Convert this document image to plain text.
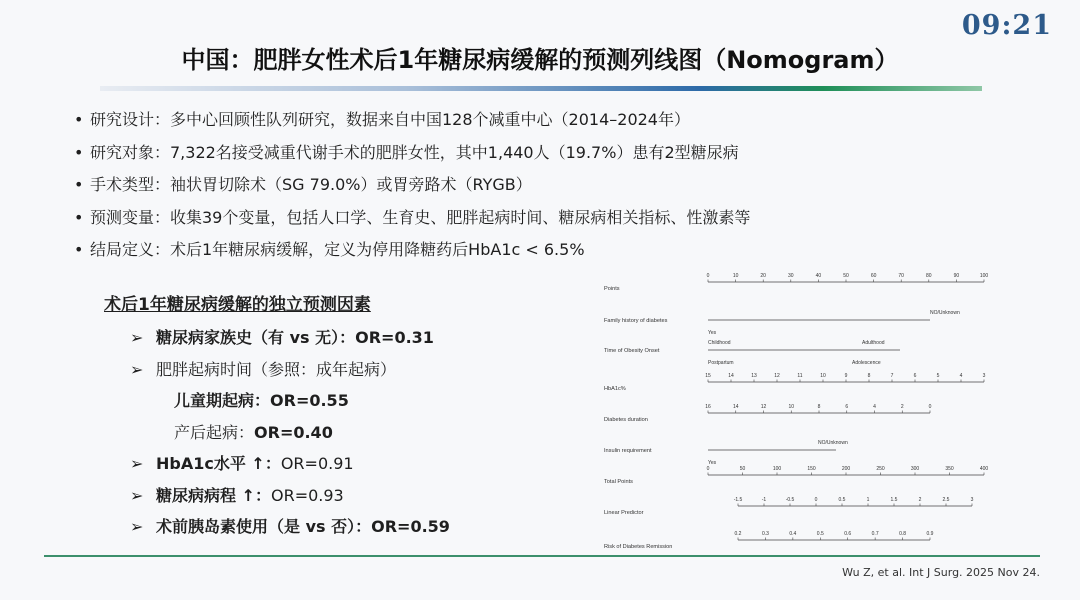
09:21
中国：肥胖女性术后1年糖尿病缓解的预测列线图（Nomogram）
• 研究设计：多中心回顾性队列研究，数据来自中国128个减重中心（2014–2024年）
• 研究对象：7,322名接受减重代谢手术的肥胖女性，其中1,440人（19.7%）患有2型糖尿病
• 手术类型：袖状胃切除术（SG 79.0%）或胃旁路术（RYGB）
• 预测变量：收集39个变量，包括人口学、生育史、肥胖起病时间、糖尿病相关指标、性激素等
• 结局定义：术后1年糖尿病缓解，定义为停用降糖药后HbA1c < 6.5%
术后1年糖尿病缓解的独立预测因素
➢ 糖尿病家族史（有 vs 无）：OR=0.31
➢ 肥胖起病时间（参照：成年起病）
儿童期起病：OR=0.55
产后起病：OR=0.40
➢ HbA1c水平 ↑：OR=0.91
➢ 糖尿病病程 ↑：OR=0.93
➢ 术前胰岛素使用（是 vs 否）：OR=0.59
Points
0	10	20	30	40	50	60	70	80	90	100
Family history of diabetes
NO/Unknown
Yes
Time of Obesity Onset
Childhood	Adulthood
Postpartum	Adolescence
HbA1c%
15	14	13	12	11	10	9	8	7	6	5	4	3
Diabetes duration
16	14	12	10	8	6	4	2	0
Insulin requirement
NO/Unknown
Yes
Total Points
0	50	100	150	200	250	300	350	400
Linear Predictor
-1.5	-1	-0.5	0	0.5	1	1.5	2	2.5	3
Risk of Diabetes Remission
0.2	0.3	0.4	0.5	0.6	0.7	0.8	0.9
Wu Z, et al. Int J Surg. 2025 Nov 24.
